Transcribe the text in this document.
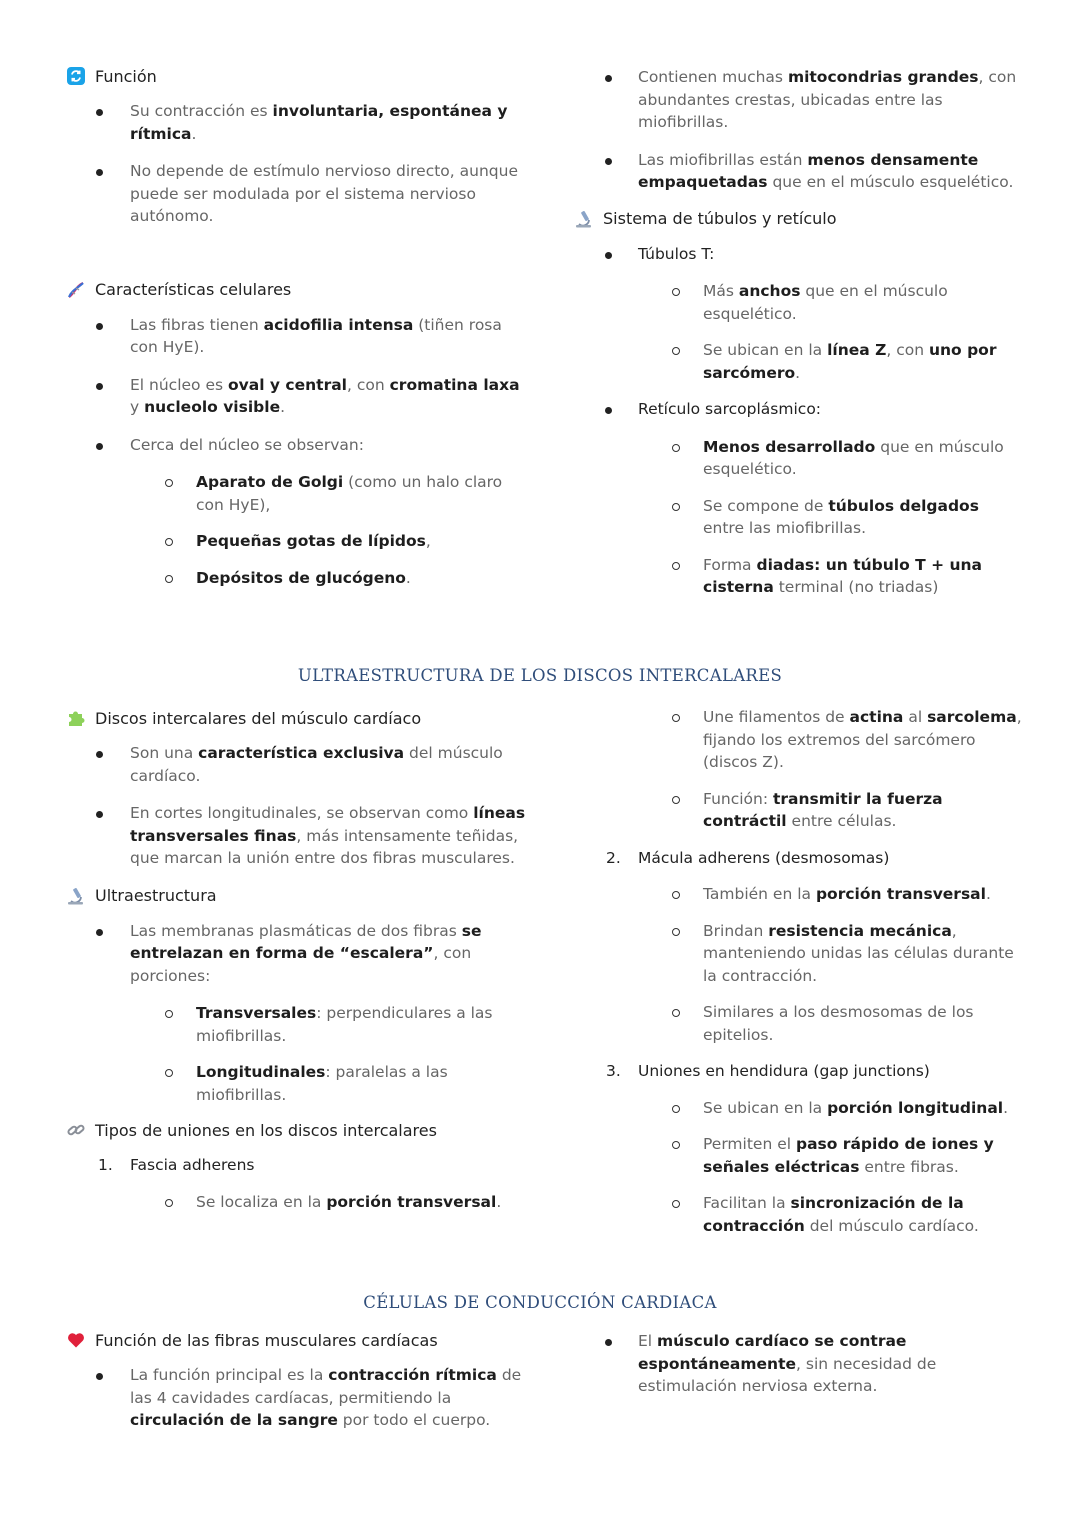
Función
Su contracción es involuntaria, espontánea y rítmica.
No depende de estímulo nervioso directo, aunque puede ser modulada por el sistema nervioso autónomo.
Características celulares
Las fibras tienen acidofilia intensa (tiñen rosa con HyE).
El núcleo es oval y central, con cromatina laxa y nucleolo visible.
Cerca del núcleo se observan:
Aparato de Golgi (como un halo claro con HyE),
Pequeñas gotas de lípidos,
Depósitos de glucógeno.
Contienen muchas mitocondrias grandes, con abundantes crestas, ubicadas entre las miofibrillas.
Las miofibrillas están menos densamente empaquetadas que en el músculo esquelético.
Sistema de túbulos y retículo
Túbulos T:
Más anchos que en el músculo esquelético.
Se ubican en la línea Z, con uno por sarcómero.
Retículo sarcoplásmico:
Menos desarrollado que en músculo esquelético.
Se compone de túbulos delgados entre las miofibrillas.
Forma diadas: un túbulo T + una cisterna terminal (no triadas)
ULTRAESTRUCTURA DE LOS DISCOS INTERCALARES
Discos intercalares del músculo cardíaco
Son una característica exclusiva del músculo cardíaco.
En cortes longitudinales, se observan como líneas transversales finas, más intensamente teñidas, que marcan la unión entre dos fibras musculares.
Ultraestructura
Las membranas plasmáticas de dos fibras se entrelazan en forma de “escalera”, con porciones:
Transversales: perpendiculares a las miofibrillas.
Longitudinales: paralelas a las miofibrillas.
Tipos de uniones en los discos intercalares
1. Fascia adherens
Se localiza en la porción transversal.
Une filamentos de actina al sarcolema, fijando los extremos del sarcómero (discos Z).
Función: transmitir la fuerza contráctil entre células.
2. Mácula adherens (desmosomas)
También en la porción transversal.
Brindan resistencia mecánica, manteniendo unidas las células durante la contracción.
Similares a los desmosomas de los epitelios.
3. Uniones en hendidura (gap junctions)
Se ubican en la porción longitudinal.
Permiten el paso rápido de iones y señales eléctricas entre fibras.
Facilitan la sincronización de la contracción del músculo cardíaco.
CÉLULAS DE CONDUCCIÓN CARDIACA
Función de las fibras musculares cardíacas
La función principal es la contracción rítmica de las 4 cavidades cardíacas, permitiendo la circulación de la sangre por todo el cuerpo.
El músculo cardíaco se contrae espontáneamente, sin necesidad de estimulación nerviosa externa.
